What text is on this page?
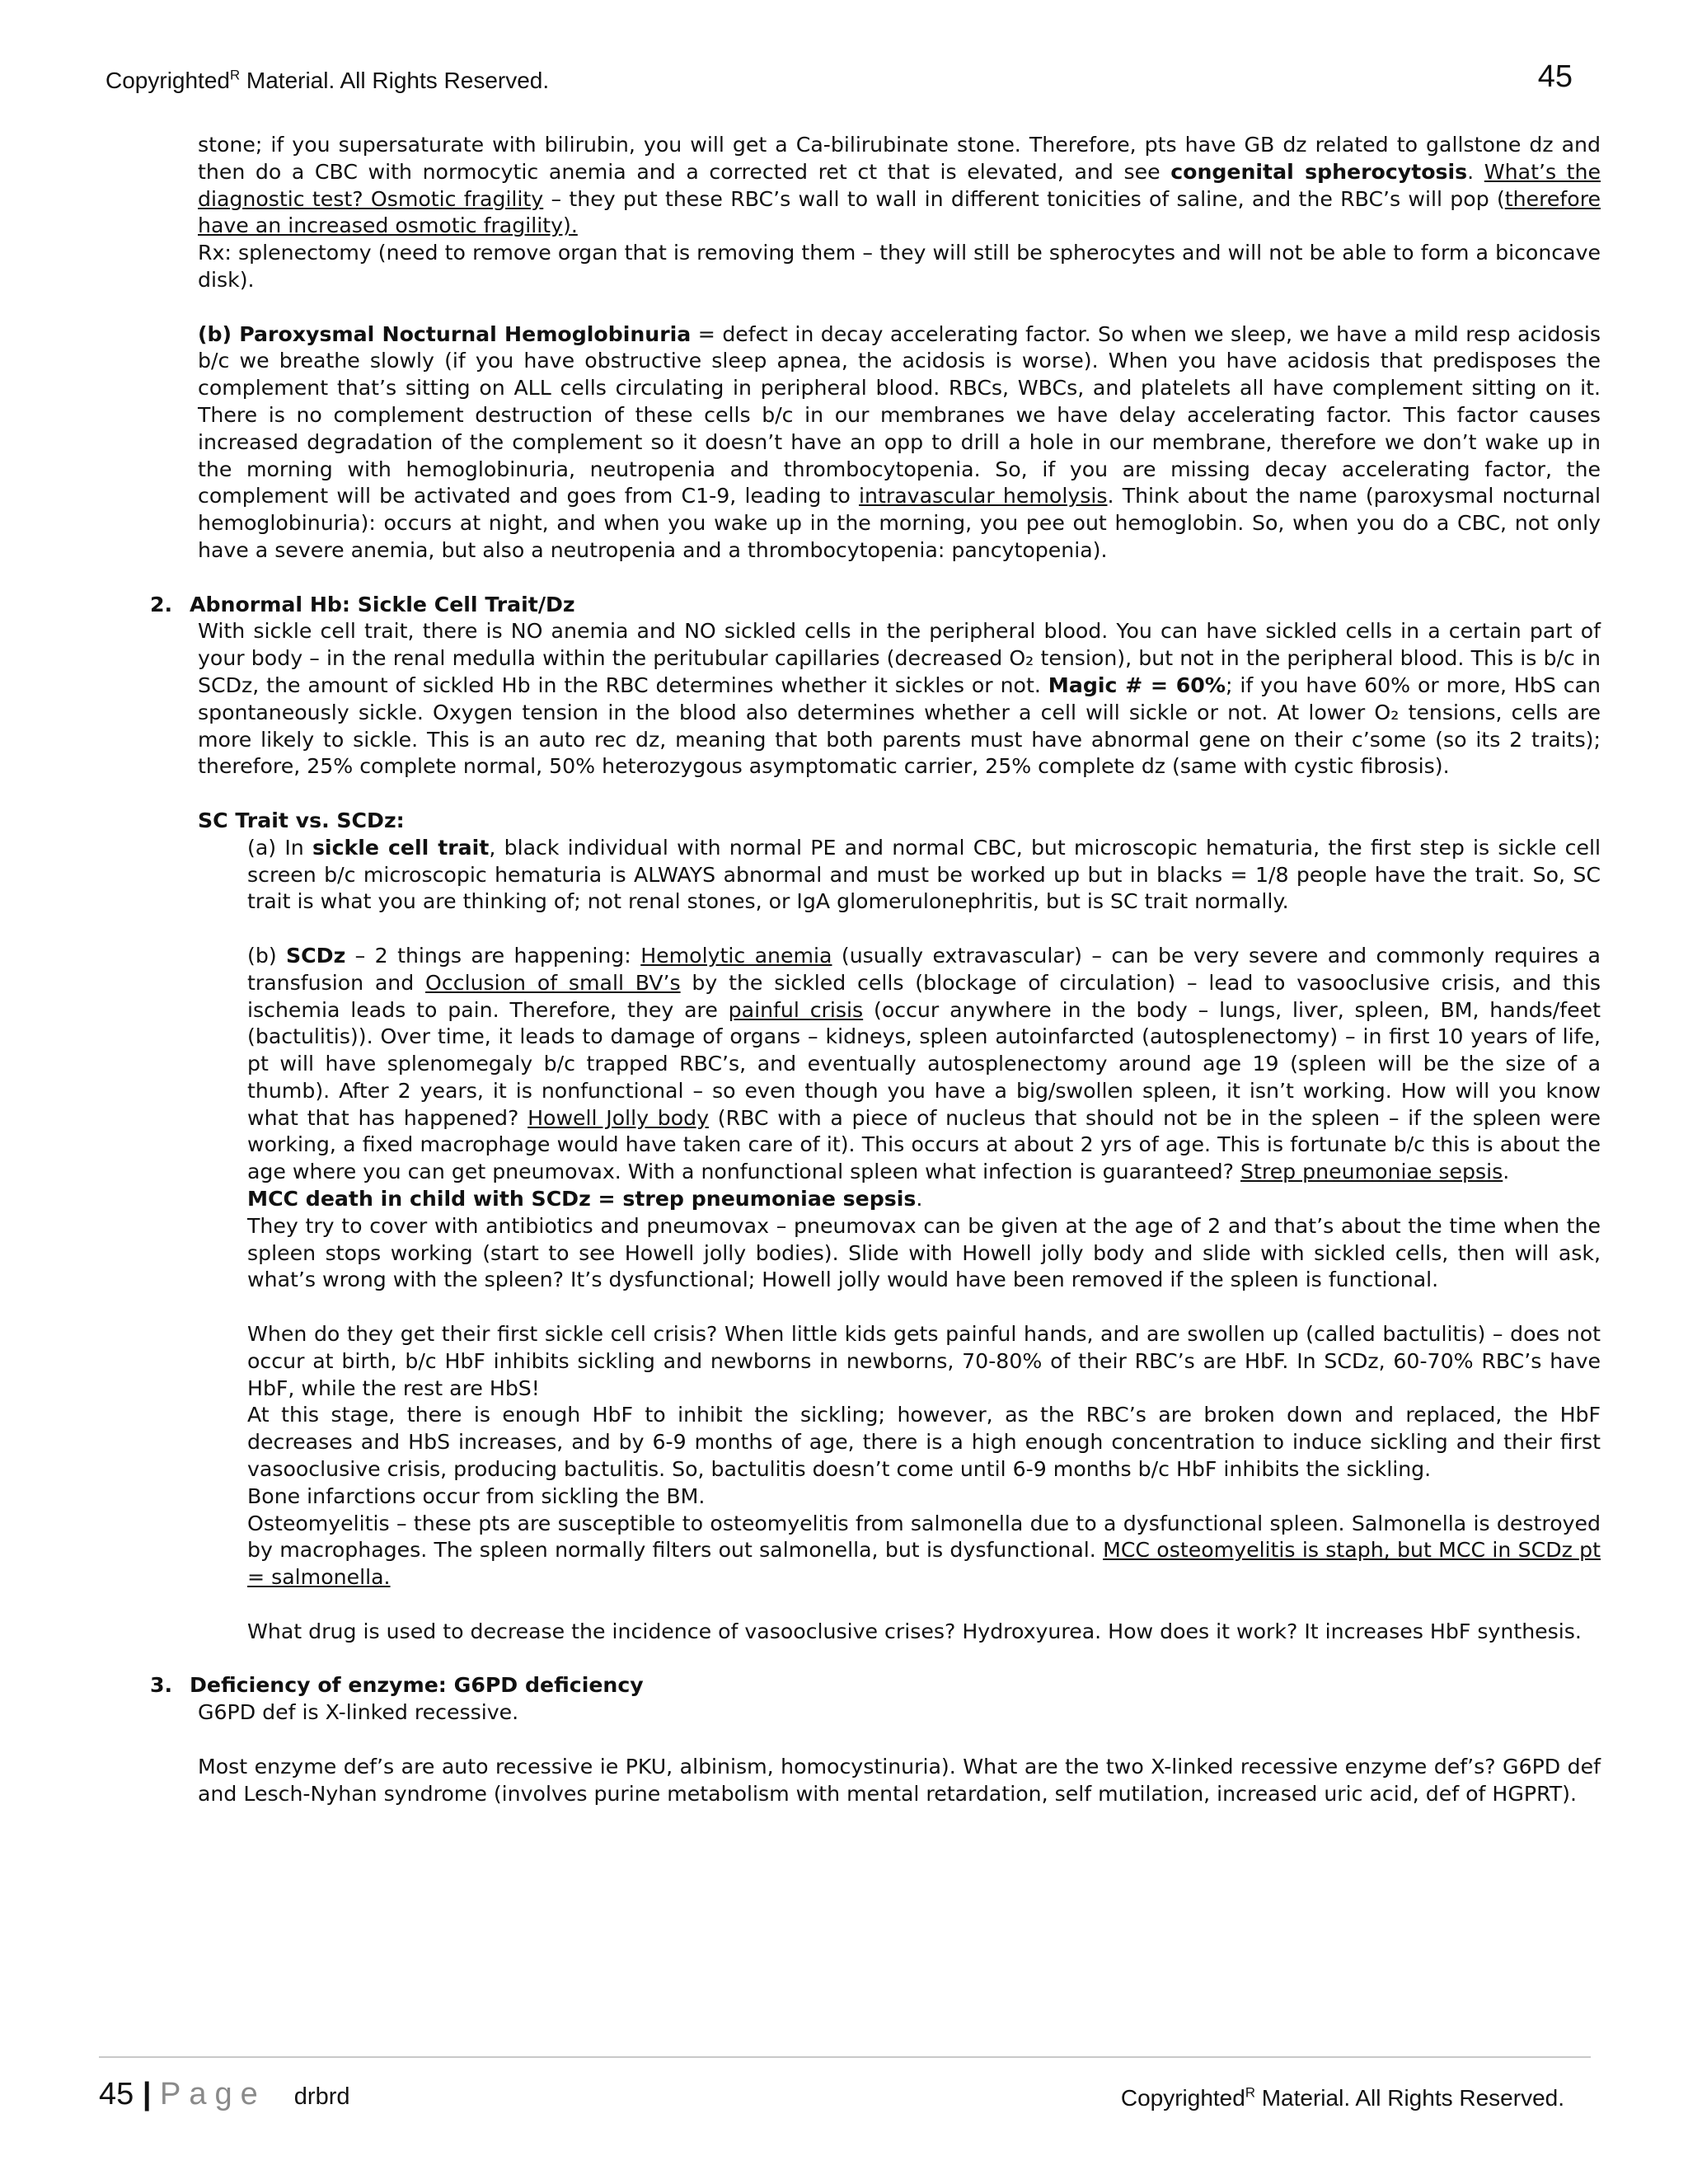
Copyrighted$^R$ Material. All Rights Reserved.	45

stone; if you supersaturate with bilirubin, you will get a Ca-bilirubinate stone. Therefore, pts have GB dz related to gallstone dz and then do a CBC with normocytic anemia and a corrected ret ct that is elevated, and see congenital spherocytosis. What’s the diagnostic test? Osmotic fragility – they put these RBC’s wall to wall in different tonicities of saline, and the RBC’s will pop (therefore have an increased osmotic fragility).

Rx: splenectomy (need to remove organ that is removing them – they will still be spherocytes and will not be able to form a biconcave disk).

(b) Paroxysmal Nocturnal Hemoglobinuria = defect in decay accelerating factor. So when we sleep, we have a mild resp acidosis b/c we breathe slowly (if you have obstructive sleep apnea, the acidosis is worse). When you have acidosis that predisposes the complement that’s sitting on ALL cells circulating in peripheral blood. RBCs, WBCs, and platelets all have complement sitting on it. There is no complement destruction of these cells b/c in our membranes we have delay accelerating factor. This factor causes increased degradation of the complement so it doesn’t have an opp to drill a hole in our membrane, therefore we don’t wake up in the morning with hemoglobinuria, neutropenia and thrombocytopenia. So, if you are missing decay accelerating factor, the complement will be activated and goes from C1-9, leading to intravascular hemolysis. Think about the name (paroxysmal nocturnal hemoglobinuria): occurs at night, and when you wake up in the morning, you pee out hemoglobin. So, when you do a CBC, not only have a severe anemia, but also a neutropenia and a thrombocytopenia: pancytopenia).

2. Abnormal Hb: Sickle Cell Trait/Dz

With sickle cell trait, there is NO anemia and NO sickled cells in the peripheral blood. You can have sickled cells in a certain part of your body – in the renal medulla within the peritubular capillaries (decreased O₂ tension), but not in the peripheral blood. This is b/c in SCDz, the amount of sickled Hb in the RBC determines whether it sickles or not. Magic # = 60%; if you have 60% or more, HbS can spontaneously sickle. Oxygen tension in the blood also determines whether a cell will sickle or not. At lower O₂ tensions, cells are more likely to sickle. This is an auto rec dz, meaning that both parents must have abnormal gene on their c’some (so its 2 traits); therefore, 25% complete normal, 50% heterozygous asymptomatic carrier, 25% complete dz (same with cystic fibrosis).

SC Trait vs. SCDz:

(a) In sickle cell trait, black individual with normal PE and normal CBC, but microscopic hematuria, the first step is sickle cell screen b/c microscopic hematuria is ALWAYS abnormal and must be worked up but in blacks = 1/8 people have the trait. So, SC trait is what you are thinking of; not renal stones, or IgA glomerulonephritis, but is SC trait normally.

(b) SCDz – 2 things are happening: Hemolytic anemia (usually extravascular) – can be very severe and commonly requires a transfusion and Occlusion of small BV’s by the sickled cells (blockage of circulation) – lead to vasooclusive crisis, and this ischemia leads to pain. Therefore, they are painful crisis (occur anywhere in the body – lungs, liver, spleen, BM, hands/feet (bactulitis)). Over time, it leads to damage of organs – kidneys, spleen autoinfarcted (autosplenectomy) – in first 10 years of life, pt will have splenomegaly b/c trapped RBC’s, and eventually autosplenectomy around age 19 (spleen will be the size of a thumb). After 2 years, it is nonfunctional – so even though you have a big/swollen spleen, it isn’t working. How will you know what that has happened? Howell Jolly body (RBC with a piece of nucleus that should not be in the spleen – if the spleen were working, a fixed macrophage would have taken care of it). This occurs at about 2 yrs of age. This is fortunate b/c this is about the age where you can get pneumovax. With a nonfunctional spleen what infection is guaranteed? Strep pneumoniae sepsis.

MCC death in child with SCDz = strep pneumoniae sepsis.

They try to cover with antibiotics and pneumovax – pneumovax can be given at the age of 2 and that’s about the time when the spleen stops working (start to see Howell jolly bodies). Slide with Howell jolly body and slide with sickled cells, then will ask, what’s wrong with the spleen? It’s dysfunctional; Howell jolly would have been removed if the spleen is functional.

When do they get their first sickle cell crisis? When little kids gets painful hands, and are swollen up (called bactulitis) – does not occur at birth, b/c HbF inhibits sickling and newborns in newborns, 70-80% of their RBC’s are HbF. In SCDz, 60-70% RBC’s have HbF, while the rest are HbS!

At this stage, there is enough HbF to inhibit the sickling; however, as the RBC’s are broken down and replaced, the HbF decreases and HbS increases, and by 6-9 months of age, there is a high enough concentration to induce sickling and their first vasooclusive crisis, producing bactulitis. So, bactulitis doesn’t come until 6-9 months b/c HbF inhibits the sickling.

Bone infarctions occur from sickling the BM.

Osteomyelitis – these pts are susceptible to osteomyelitis from salmonella due to a dysfunctional spleen. Salmonella is destroyed by macrophages. The spleen normally filters out salmonella, but is dysfunctional. MCC osteomyelitis is staph, but MCC in SCDz pt = salmonella.

What drug is used to decrease the incidence of vasooclusive crises? Hydroxyurea. How does it work? It increases HbF synthesis.

3. Deficiency of enzyme: G6PD deficiency

G6PD def is X-linked recessive.

Most enzyme def’s are auto recessive ie PKU, albinism, homocystinuria). What are the two X-linked recessive enzyme def’s? G6PD def and Lesch-Nyhan syndrome (involves purine metabolism with mental retardation, self mutilation, increased uric acid, def of HGPRT).

45 | Page drbrd	Copyrighted$^R$ Material. All Rights Reserved.
